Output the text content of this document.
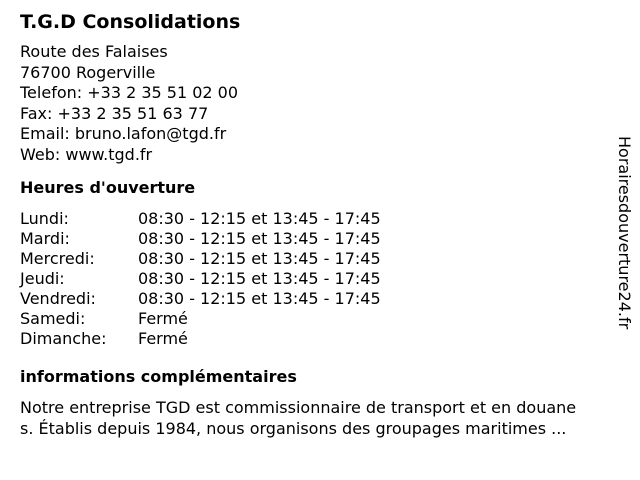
T.G.D Consolidations
Route des Falaises
76700 Rogerville
Telefon: +33 2 35 51 02 00
Fax: +33 2 35 51 63 77
Email: bruno.lafon@tgd.fr
Web: www.tgd.fr
Heures d'ouverture
Lundi:	08:30 - 12:15 et 13:45 - 17:45
Mardi:	08:30 - 12:15 et 13:45 - 17:45
Mercredi:	08:30 - 12:15 et 13:45 - 17:45
Jeudi:	08:30 - 12:15 et 13:45 - 17:45
Vendredi:	08:30 - 12:15 et 13:45 - 17:45
Samedi:	Fermé
Dimanche:	Fermé
informations complémentaires
Notre entreprise TGD est commissionnaire de transport et en douane
s. Établis depuis 1984, nous organisons des groupages maritimes ...
Horairesdouverture24.fr
